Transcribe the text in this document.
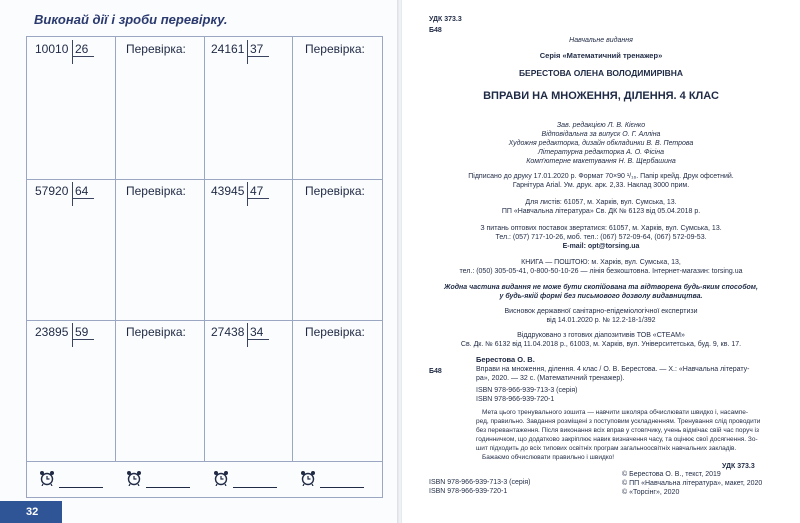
Виконай дії і зроби перевірку.
10010 26	Перевірка: 24161 37	Перевірка:
57920 64	Перевірка: 43945 47	Перевірка:
23895 59	Перевірка: 27438 34	Перевірка:
32
УДК 373.3
Б48
Навчальне видання
Серія «Математичний тренажер»
БЕРЕСТОВА ОЛЕНА ВОЛОДИМИРІВНА
ВПРАВИ НА МНОЖЕННЯ, ДІЛЕННЯ. 4 КЛАС
Зав. редакцією Л. В. Кієнко
Відповідальна за випуск О. Г. Алліна
Художня редакторка, дизайн обкладинки В. В. Петрова
Літературна редакторка А. О. Фісіна
Комп'ютерне макетування Н. В. Щербашина
Підписано до друку 17.01.2020 р. Формат 70×90 ¹/₁₆. Папір крейд. Друк офсетний.
Гарнітура Arial. Ум. друк. арк. 2,33. Наклад 3000 прим.
Для листів: 61057, м. Харків, вул. Сумська, 13.
ПП «Навчальна література» Св. ДК № 6123 від 05.04.2018 р.
З питань оптових поставок звертатися: 61057, м. Харків, вул. Сумська, 13.
Тел.: (057) 717-10-26, моб. тел.: (067) 572-09-64, (067) 572-09-53.
E-mail: opt@torsing.ua
КНИГА — ПОШТОЮ: м. Харків, вул. Сумська, 13,
тел.: (050) 305-05-41, 0-800-50-10-26 — лінія безкоштовна. Інтернет-магазин: torsing.ua
Жодна частина видання не може бути скопійована та відтворена будь-яким способом,
у будь-якій формі без письмового дозволу видавництва.
Висновок державної санітарно-епідеміологічної експертизи
від 14.01.2020 р. № 12.2-18-1/392
Віддруковано з готових діапозитивів ТОВ «СТЕАМ»
Св. Дк. № 6132 від 11.04.2018 р., 61003, м. Харків, вул. Університетська, буд. 9, кв. 17.
Берестова О. В.
Б48	Вправи на множення, ділення. 4 клас / О. В. Берестова. — Х.: «Навчальна літерату-
ра», 2020. — 32 с. (Математичний тренажер).
ISBN 978-966-939-713-3 (серія)
ISBN 978-966-939-720-1
Мета цього тренувального зошита — навчити школяра обчислювати швидко і, насампе-
ред, правильно. Завдання розміщені з поступовим ускладненням. Тренування слід проводити
без перевантаження. Після виконання всіх вправ у стовпчику, учень відмічає свій час поруч із
годинничком, що додатково закріплює навик визначення часу, та оцінює свої досягнення. Зо-
шит підходить до всіх типових освітніх програм загальноосвітніх навчальних закладів.
Бажаємо обчислювати правильно і швидко!
УДК 373.3
ISBN 978-966-939-713-3 (серія)
ISBN 978-966-939-720-1
© Берестова О. В., текст, 2019
© ПП «Навчальна література», макет, 2020
© «Торсінг», 2020
